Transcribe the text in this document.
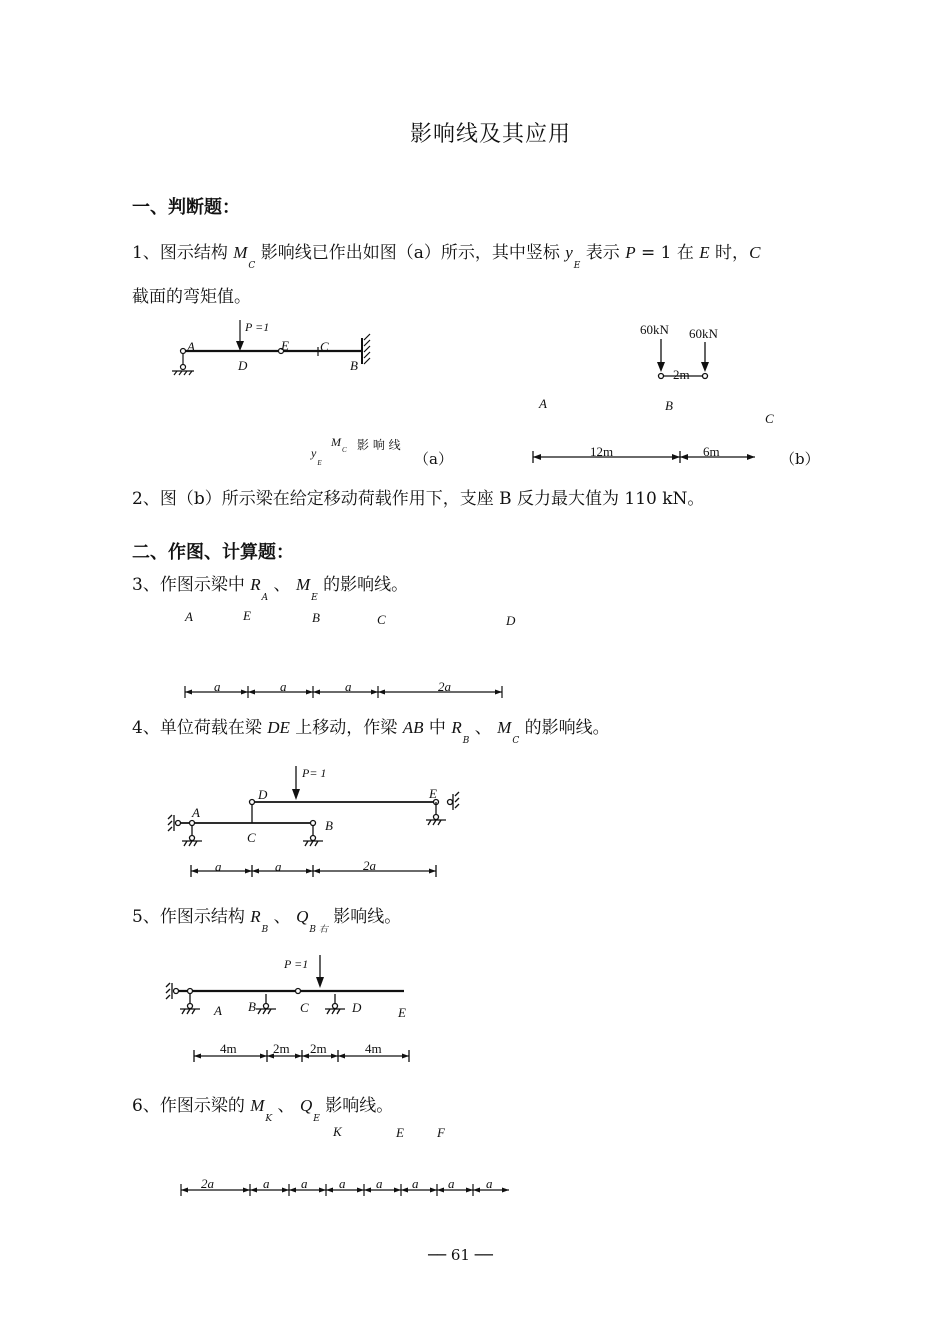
影响线及其应用
一、判断题：
1、图示结构 $M_C$ 影响线已作出如图（a）所示，其中竖标 $y_E$ 表示 P = 1 在 E 时，C
截面的弯矩值。
P =1
A
D
E C
B
$y_E$
$M_C$ 影 响 线
（a）
60kN 60kN
2m
A	B
C
12m	6m	（b）
2、图（b）所示梁在给定移动荷载作用下，支座 B 反力最大值为 110 kN。
二、作图、计算题：
3、作图示梁中 $R_A$ 、 $M_E$ 的影响线。
A	E	B	C	D
a	a	a	2a
4、单位荷载在梁 DE 上移动，作梁 AB 中 $R_B$ 、 $M_C$ 的影响线。
P= 1
D	E
A
C
B
a	a	2a
5、作图示结构 $R_B$ 、 $Q_{B 右}$ 影响线。
P =1
A B	C	D	E
4m	2m 2m	4m
6、作图示梁的 $M_K$ 、 $Q_E$ 影响线。
K	E	F
2a	a a a a a a a
── 61 ──
